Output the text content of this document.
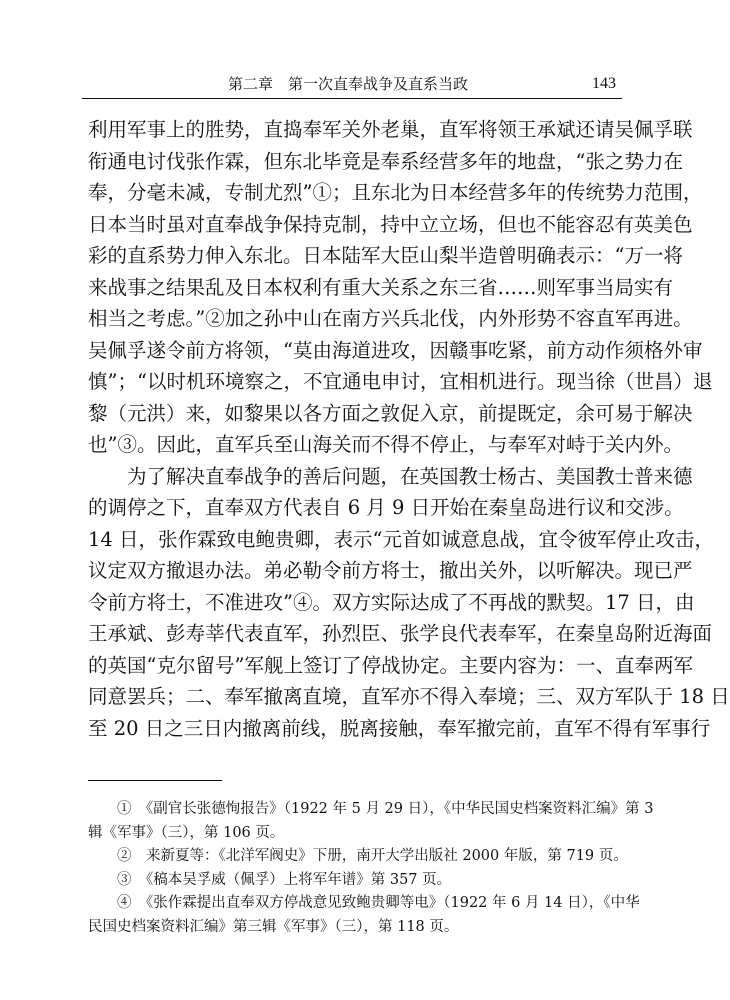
第二章　第一次直奉战争及直系当政	143
利用军事上的胜势，直捣奉军关外老巢，直军将领王承斌还请吴佩孚联
衔通电讨伐张作霖，但东北毕竟是奉系经营多年的地盘，“张之势力在
奉，分毫未减，专制尤烈”①；且东北为日本经营多年的传统势力范围，
日本当时虽对直奉战争保持克制，持中立立场，但也不能容忍有英美色
彩的直系势力伸入东北。日本陆军大臣山梨半造曾明确表示：“万一将
来战事之结果乱及日本权利有重大关系之东三省……则军事当局实有
相当之考虑。”②加之孙中山在南方兴兵北伐，内外形势不容直军再进。
吴佩孚遂令前方将领，“莫由海道进攻，因赣事吃紧，前方动作须格外审
慎”；“以时机环境察之，不宜通电申讨，宜相机进行。现当徐（世昌）退
黎（元洪）来，如黎果以各方面之敦促入京，前提既定，余可易于解决
也”③。因此，直军兵至山海关而不得不停止，与奉军对峙于关内外。
　　为了解决直奉战争的善后问题，在英国教士杨古、美国教士普来德
的调停之下，直奉双方代表自 6 月 9 日开始在秦皇岛进行议和交涉。
14 日，张作霖致电鲍贵卿，表示“元首如诚意息战，宜令彼军停止攻击，
议定双方撤退办法。弟必勒令前方将士，撤出关外，以听解决。现已严
令前方将士，不准进攻”④。双方实际达成了不再战的默契。17 日，由
王承斌、彭寿莘代表直军，孙烈臣、张学良代表奉军，在秦皇岛附近海面
的英国“克尔留号”军舰上签订了停战协定。主要内容为：一、直奉两军
同意罢兵；二、奉军撤离直境，直军亦不得入奉境；三、双方军队于 18 日
至 20 日之三日内撤离前线，脱离接触，奉军撤完前，直军不得有军事行
　　①　《副官长张德恂报告》（1922 年 5 月 29 日），《中华民国史档案资料汇编》第 3
辑《军事》（三），第 106 页。
　　②　来新夏等：《北洋军阀史》下册，南开大学出版社 2000 年版，第 719 页。
　　③　《稿本吴孚威（佩孚）上将军年谱》第 357 页。
　　④　《张作霖提出直奉双方停战意见致鲍贵卿等电》（1922 年 6 月 14 日），《中华
民国史档案资料汇编》第三辑《军事》（三），第 118 页。
